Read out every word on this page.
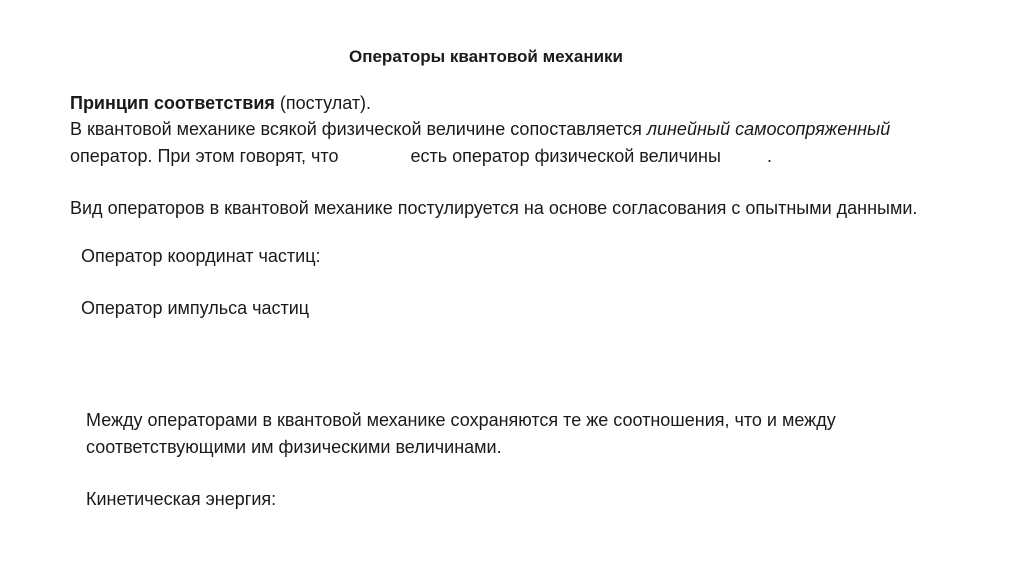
Операторы квантовой механики
Принцип соответствия (постулат).
В квантовой механике всякой физической величине сопоставляется линейный самосопряженный
оператор. При этом говорят, что	есть оператор физической величины	.
Вид операторов в квантовой механике постулируется на основе согласования с опытными данными.
Оператор координат частиц:
Оператор импульса частиц
Между операторами в квантовой механике сохраняются те же соотношения, что и между
соответствующими им физическими величинами.
Кинетическая энергия:
